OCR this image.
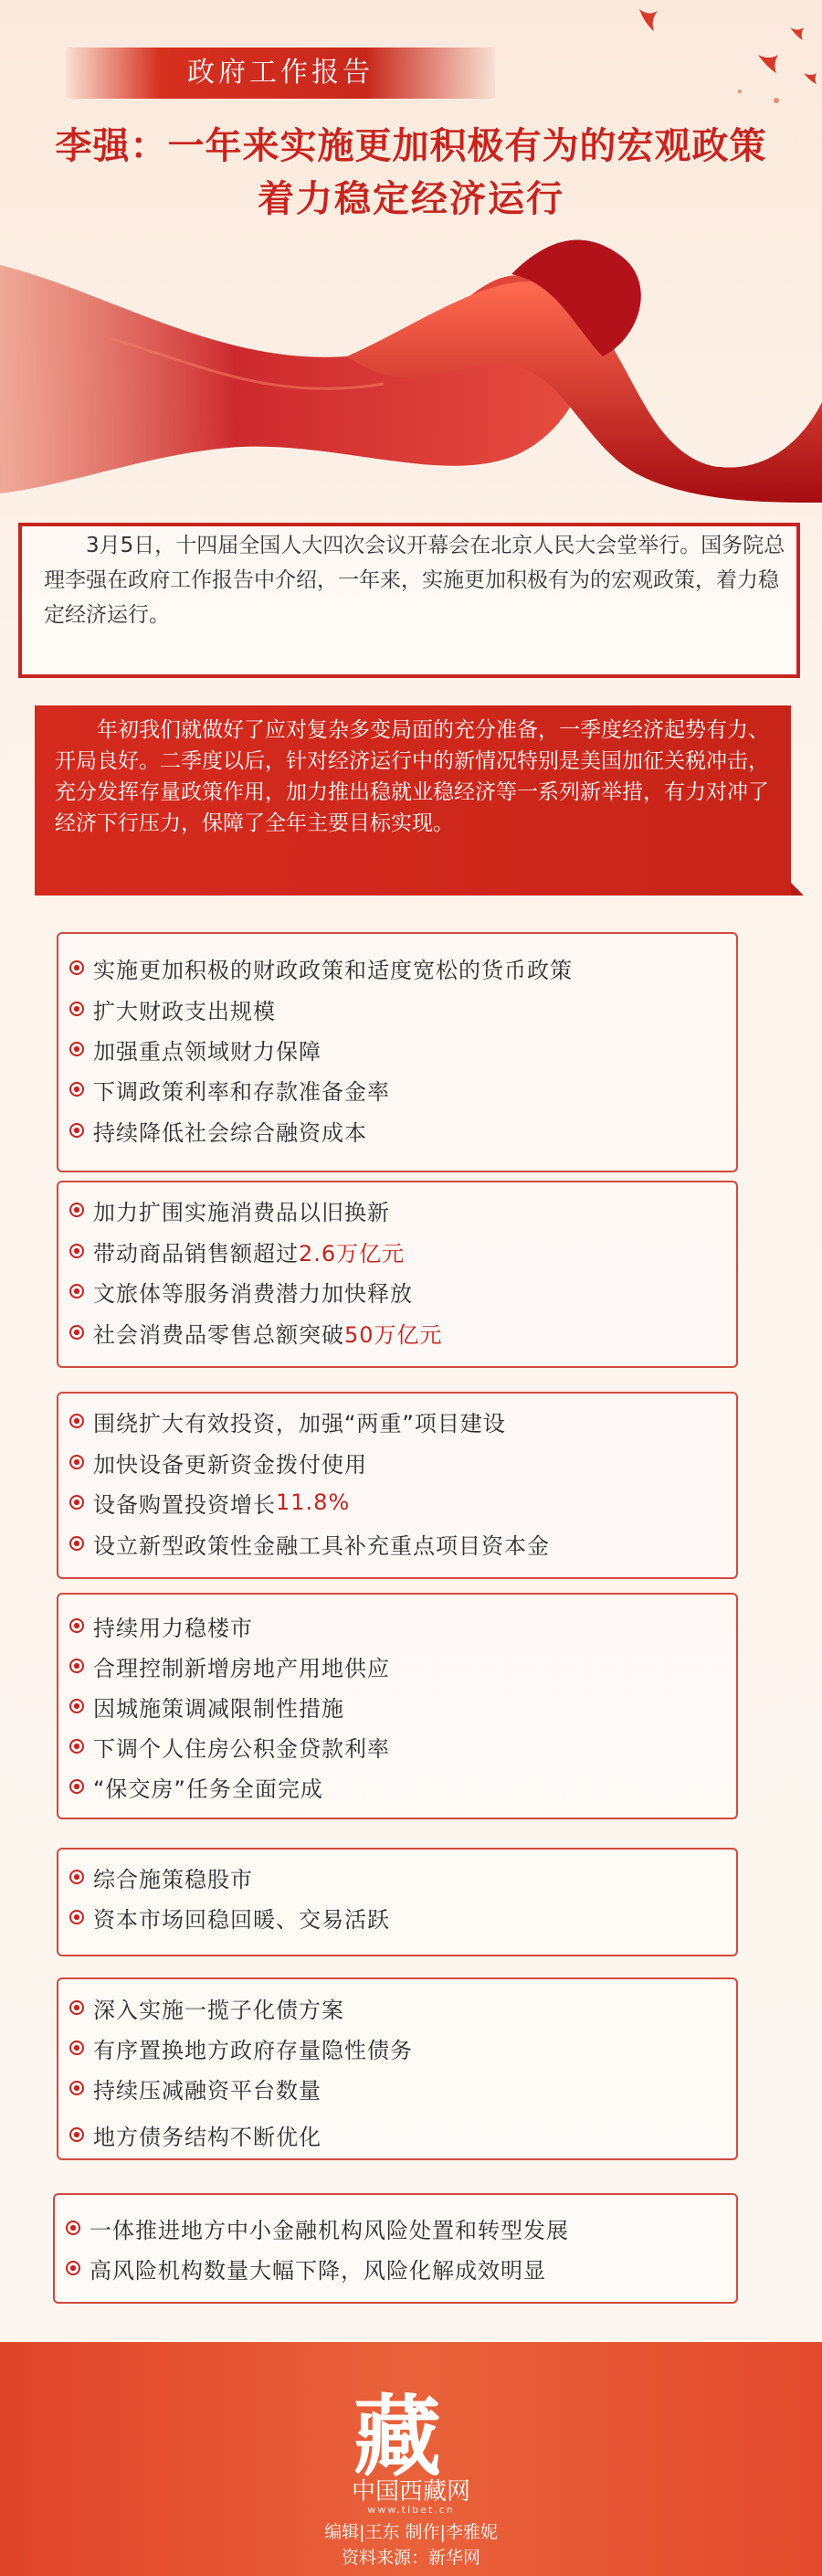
政府工作报告
李强：一年来实施更加积极有为的宏观政策
着力稳定经济运行
3月5日，十四届全国人大四次会议开幕会在北京人民大会堂举行。国务院总理李强在政府工作报告中介绍，一年来，实施更加积极有为的宏观政策，着力稳定经济运行。
年初我们就做好了应对复杂多变局面的充分准备，一季度经济起势有力、开局良好。二季度以后，针对经济运行中的新情况特别是美国加征关税冲击，充分发挥存量政策作用，加力推出稳就业稳经济等一系列新举措，有力对冲了经济下行压力，保障了全年主要目标实现。
实施更加积极的财政政策和适度宽松的货币政策
扩大财政支出规模
加强重点领域财力保障
下调政策利率和存款准备金率
持续降低社会综合融资成本
加力扩围实施消费品以旧换新
带动商品销售额超过 2.6万亿元
文旅体等服务消费潜力加快释放
社会消费品零售总额突破 50万亿元
围绕扩大有效投资，加强“两重”项目建设
加快设备更新资金拨付使用
设备购置投资增长 11.8%
设立新型政策性金融工具补充重点项目资本金
持续用力稳楼市
合理控制新增房地产用地供应
因城施策调减限制性措施
下调个人住房公积金贷款利率
“保交房”任务全面完成
综合施策稳股市
资本市场回稳回暖、交易活跃
深入实施一揽子化债方案
有序置换地方政府存量隐性债务
持续压减融资平台数量
地方债务结构不断优化
一体推进地方中小金融机构风险处置和转型发展
高风险机构数量大幅下降，风险化解成效明显
藏
中国西藏网
www.tibet.cn
编辑|王东 制作|李雅妮
资料来源：新华网
